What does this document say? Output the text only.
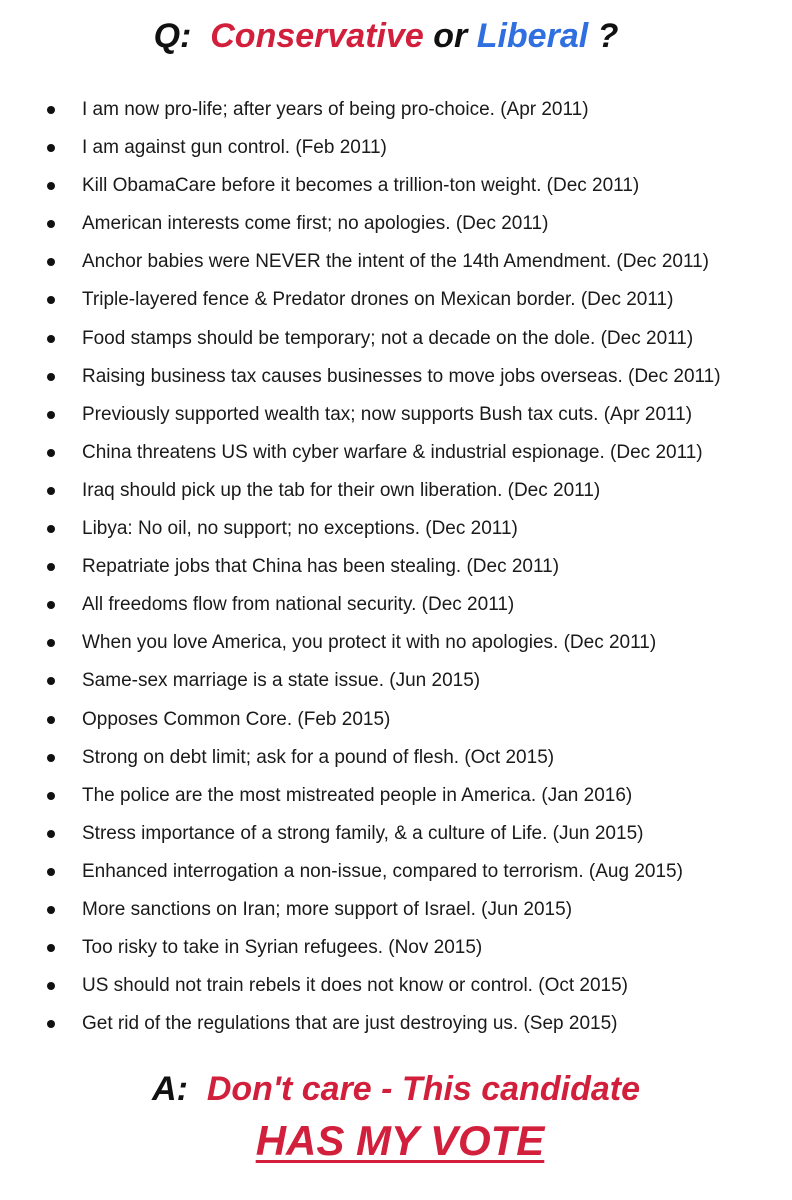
Q: Conservative or Liberal ?
I am now pro-life; after years of being pro-choice. (Apr 2011)
I am against gun control. (Feb 2011)
Kill ObamaCare before it becomes a trillion-ton weight. (Dec 2011)
American interests come first; no apologies. (Dec 2011)
Anchor babies were NEVER the intent of the 14th Amendment. (Dec 2011)
Triple-layered fence & Predator drones on Mexican border. (Dec 2011)
Food stamps should be temporary; not a decade on the dole. (Dec 2011)
Raising business tax causes businesses to move jobs overseas. (Dec 2011)
Previously supported wealth tax; now supports Bush tax cuts. (Apr 2011)
China threatens US with cyber warfare & industrial espionage. (Dec 2011)
Iraq should pick up the tab for their own liberation. (Dec 2011)
Libya: No oil, no support; no exceptions. (Dec 2011)
Repatriate jobs that China has been stealing. (Dec 2011)
All freedoms flow from national security. (Dec 2011)
When you love America, you protect it with no apologies. (Dec 2011)
Same-sex marriage is a state issue. (Jun 2015)
Opposes Common Core. (Feb 2015)
Strong on debt limit; ask for a pound of flesh. (Oct 2015)
The police are the most mistreated people in America. (Jan 2016)
Stress importance of a strong family, & a culture of Life. (Jun 2015)
Enhanced interrogation a non-issue, compared to terrorism. (Aug 2015)
More sanctions on Iran; more support of Israel. (Jun 2015)
Too risky to take in Syrian refugees. (Nov 2015)
US should not train rebels it does not know or control. (Oct 2015)
Get rid of the regulations that are just destroying us. (Sep 2015)
A: Don't care - This candidate
HAS MY VOTE
